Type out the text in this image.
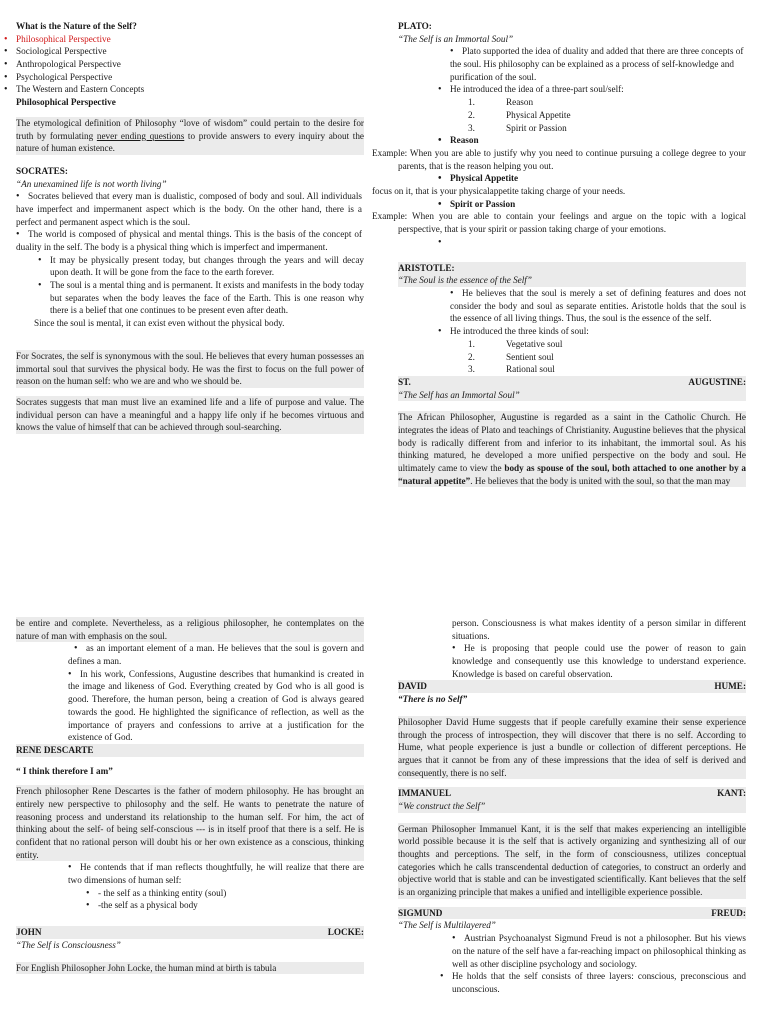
What is the Nature of the Self?

• Philosophical Perspective
• Sociological Perspective
• Anthropological Perspective
• Psychological Perspective
• The Western and Eastern Concepts

Philosophical Perspective

The etymological definition of Philosophy “love of wisdom” could pertain to the desire for truth by formulating never ending questions to provide answers to every inquiry about the nature of human existence.

SOCRATES:

“An unexamined life is not worth living”

• Socrates believed that every man is dualistic, composed of body and soul. All individuals have imperfect and impermanent aspect which is the body. On the other hand, there is a perfect and permanent aspect which is the soul.
• The world is composed of physical and mental things. This is the basis of the concept of duality in the self. The body is a physical thing which is imperfect and impermanent.
• It may be physically present today, but changes through the years and will decay upon death. It will be gone from the face to the earth forever.
• The soul is a mental thing and is permanent. It exists and manifests in the body today but separates when the body leaves the face of the Earth. This is one reason why there is a belief that one continues to be present even after death.

Since the soul is mental, it can exist even without the physical body.

For Socrates, the self is synonymous with the soul. He believes that every human possesses an immortal soul that survives the physical body. He was the first to focus on the full power of reason on the human self: who we are and who we should be.

Socrates suggests that man must live an examined life and a life of purpose and value. The individual person can have a meaningful and a happy life only if he becomes virtuous and knows the value of himself that can be achieved through soul-searching.

PLATO:

“The Self is an Immortal Soul”

• Plato supported the idea of duality and added that there are three concepts of the soul. His philosophy can be explained as a process of self-knowledge and purification of the soul.
• He introduced the idea of a three-part soul/self:
1.	Reason
2.	Physical Appetite
3.	Spirit or Passion
• Reason

Example: When you are able to justify why you need to continue pursuing a college degree to your parents, that is the reason helping you out.

• Physical Appetite

focus on it, that is your physicalappetite taking charge of your needs.

• Spirit or Passion

Example: When you are able to contain your feelings and argue on the topic with a logical perspective, that is your spirit or passion taking charge of your emotions.

•

ARISTOTLE:

“The Soul is the essence of the Self”

• He believes that the soul is merely a set of defining features and does not consider the body and soul as separate entities. Aristotle holds that the soul is the essence of all living things. Thus, the soul is the essence of the self.
• He introduced the three kinds of soul:
1.	Vegetative soul
2.	Sentient soul
3.	Rational soul
ST.	AUGUSTINE:

“The Self has an Immortal Soul”

The African Philosopher, Augustine is regarded as a saint in the Catholic Church. He integrates the ideas of Plato and teachings of Christianity. Augustine believes that the physical body is radically different from and inferior to its inhabitant, the immortal soul. As his thinking matured, he developed a more unified perspective on the body and soul. He ultimately came to view the body as spouse of the soul, both attached to one another by a “natural appetite”. He believes that the body is united with the soul, so that the man may

be entire and complete. Nevertheless, as a religious philosopher, he contemplates on the nature of man with emphasis on the soul.

• as an important element of a man. He believes that the soul is govern and defines a man.
• In his work, Confessions, Augustine describes that humankind is created in the image and likeness of God. Everything created by God who is all good is good. Therefore, the human person, being a creation of God is always geared towards the good. He highlighted the significance of reflection, as well as the importance of prayers and confessions to arrive at a justification for the existence of God.

RENE DESCARTE

“ I think therefore I am”

French philosopher Rene Descartes is the father of modern philosophy. He has brought an entirely new perspective to philosophy and the self. He wants to penetrate the nature of reasoning process and understand its relationship to the human self. For him, the act of thinking about the self- of being self-conscious --- is in itself proof that there is a self. He is confident that no rational person will doubt his or her own existence as a conscious, thinking entity.

• He contends that if man reflects thoughtfully, he will realize that there are two dimensions of human self:
• - the self as a thinking entity (soul)
• -the self as a physical body
JOHN	LOCKE:

“The Self is Consciousness”

For English Philosopher John Locke, the human mind at birth is tabula

person. Consciousness is what makes identity of a person similar in different situations.

• He is proposing that people could use the power of reason to gain knowledge and consequently use this knowledge to understand experience. Knowledge is based on careful observation.
DAVID	HUME:

“There is no Self”

Philosopher David Hume suggests that if people carefully examine their sense experience through the process of introspection, they will discover that there is no self. According to Hume, what people experience is just a bundle or collection of different perceptions. He argues that it cannot be from any of these impressions that the idea of self is derived and consequently, there is no self.

IMMANUEL	KANT:

“We construct the Self”

German Philosopher Immanuel Kant, it is the self that makes experiencing an intelligible world possible because it is the self that is actively organizing and synthesizing all of our thoughts and perceptions. The self, in the form of consciousness, utilizes conceptual categories which he calls transcendental deduction of categories, to construct an orderly and objective world that is stable and can be investigated scientifically. Kant believes that the self is an organizing principle that makes a unified and intelligible experience possible.

SIGMUND	FREUD:

“The Self is Multilayered”

• Austrian Psychoanalyst Sigmund Freud is not a philosopher. But his views on the nature of the self have a far-reaching impact on philosophical thinking as well as other discipline psychology and sociology.
• He holds that the self consists of three layers: conscious, preconscious and unconscious.
